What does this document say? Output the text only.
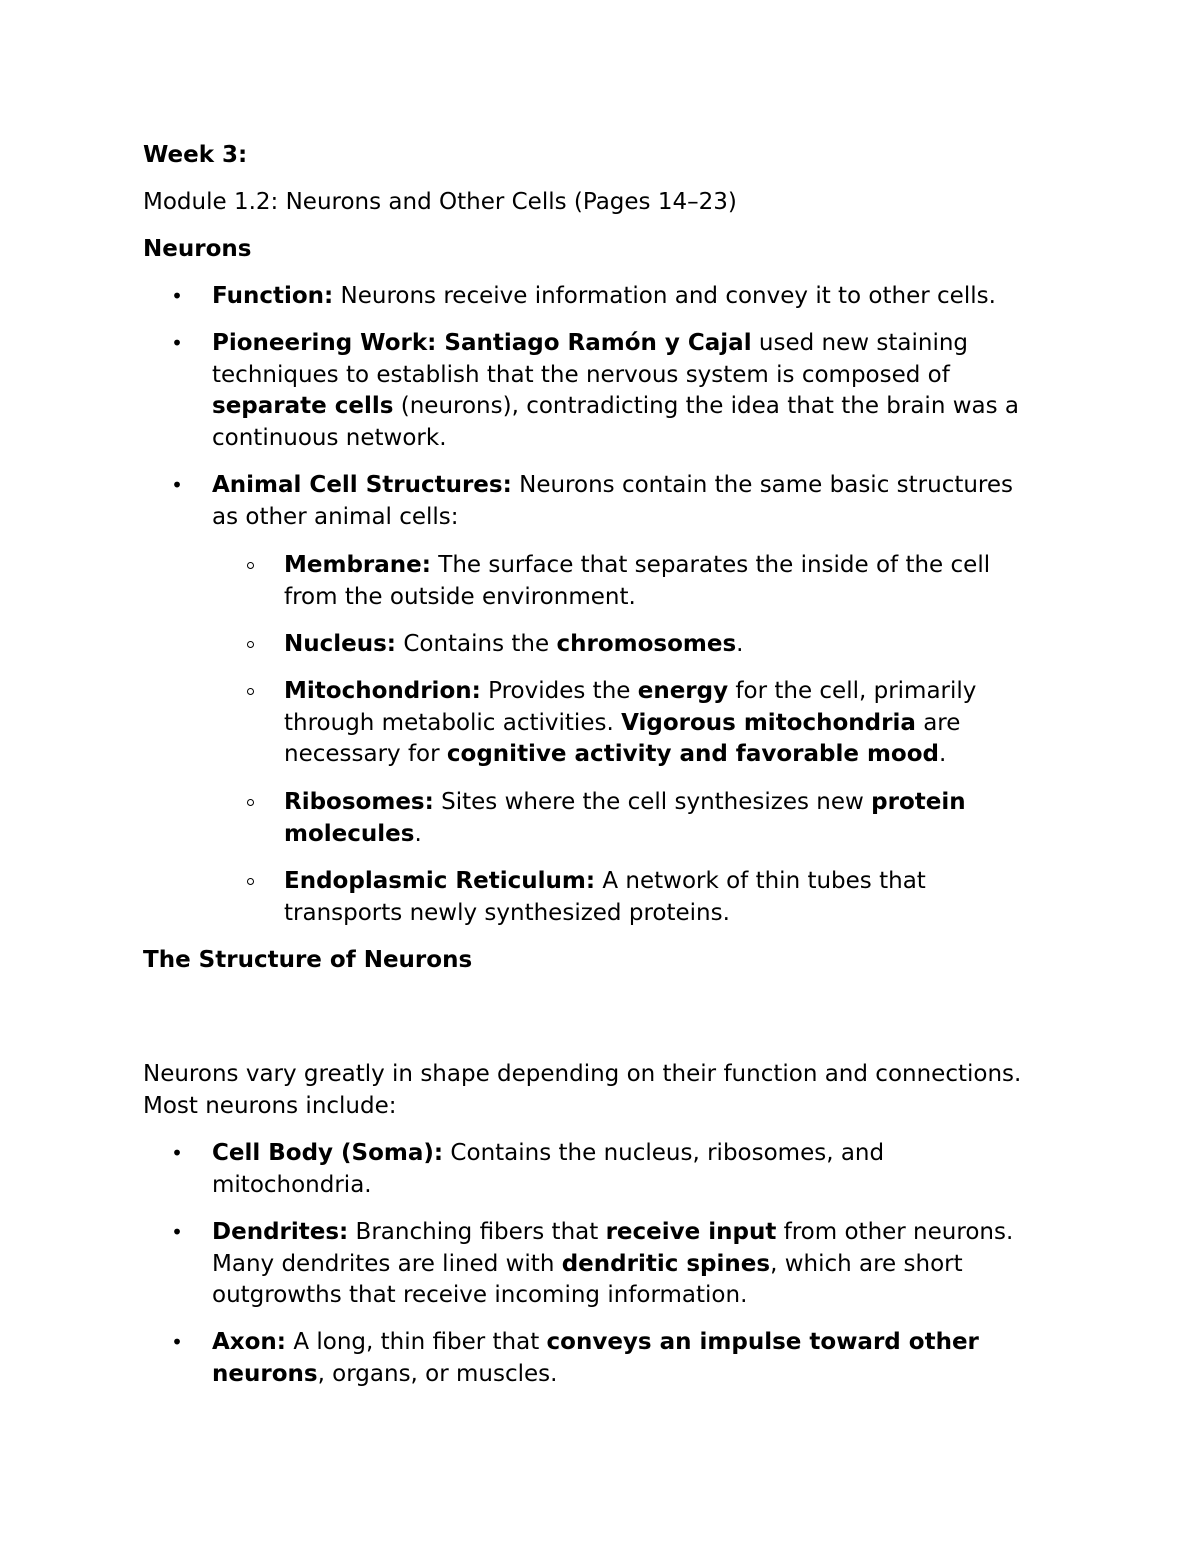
Week 3:

Module 1.2: Neurons and Other Cells (Pages 14–23)

Neurons

• Function: Neurons receive information and convey it to other cells.
• Pioneering Work: Santiago Ramón y Cajal used new staining
techniques to establish that the nervous system is composed of
separate cells (neurons), contradicting the idea that the brain was a
continuous network.
• Animal Cell Structures: Neurons contain the same basic structures
as other animal cells:
Membrane: The surface that separates the inside of the cell
from the outside environment.
Nucleus: Contains the chromosomes.
Mitochondrion: Provides the energy for the cell, primarily
through metabolic activities. Vigorous mitochondria are
necessary for cognitive activity and favorable mood.
Ribosomes: Sites where the cell synthesizes new protein
molecules.
Endoplasmic Reticulum: A network of thin tubes that
transports newly synthesized proteins.

The Structure of Neurons

Neurons vary greatly in shape depending on their function and connections.

Most neurons include:

• Cell Body (Soma): Contains the nucleus, ribosomes, and
mitochondria.
• Dendrites: Branching fibers that receive input from other neurons.
Many dendrites are lined with dendritic spines, which are short
outgrowths that receive incoming information.
• Axon: A long, thin fiber that conveys an impulse toward other
neurons, organs, or muscles.
